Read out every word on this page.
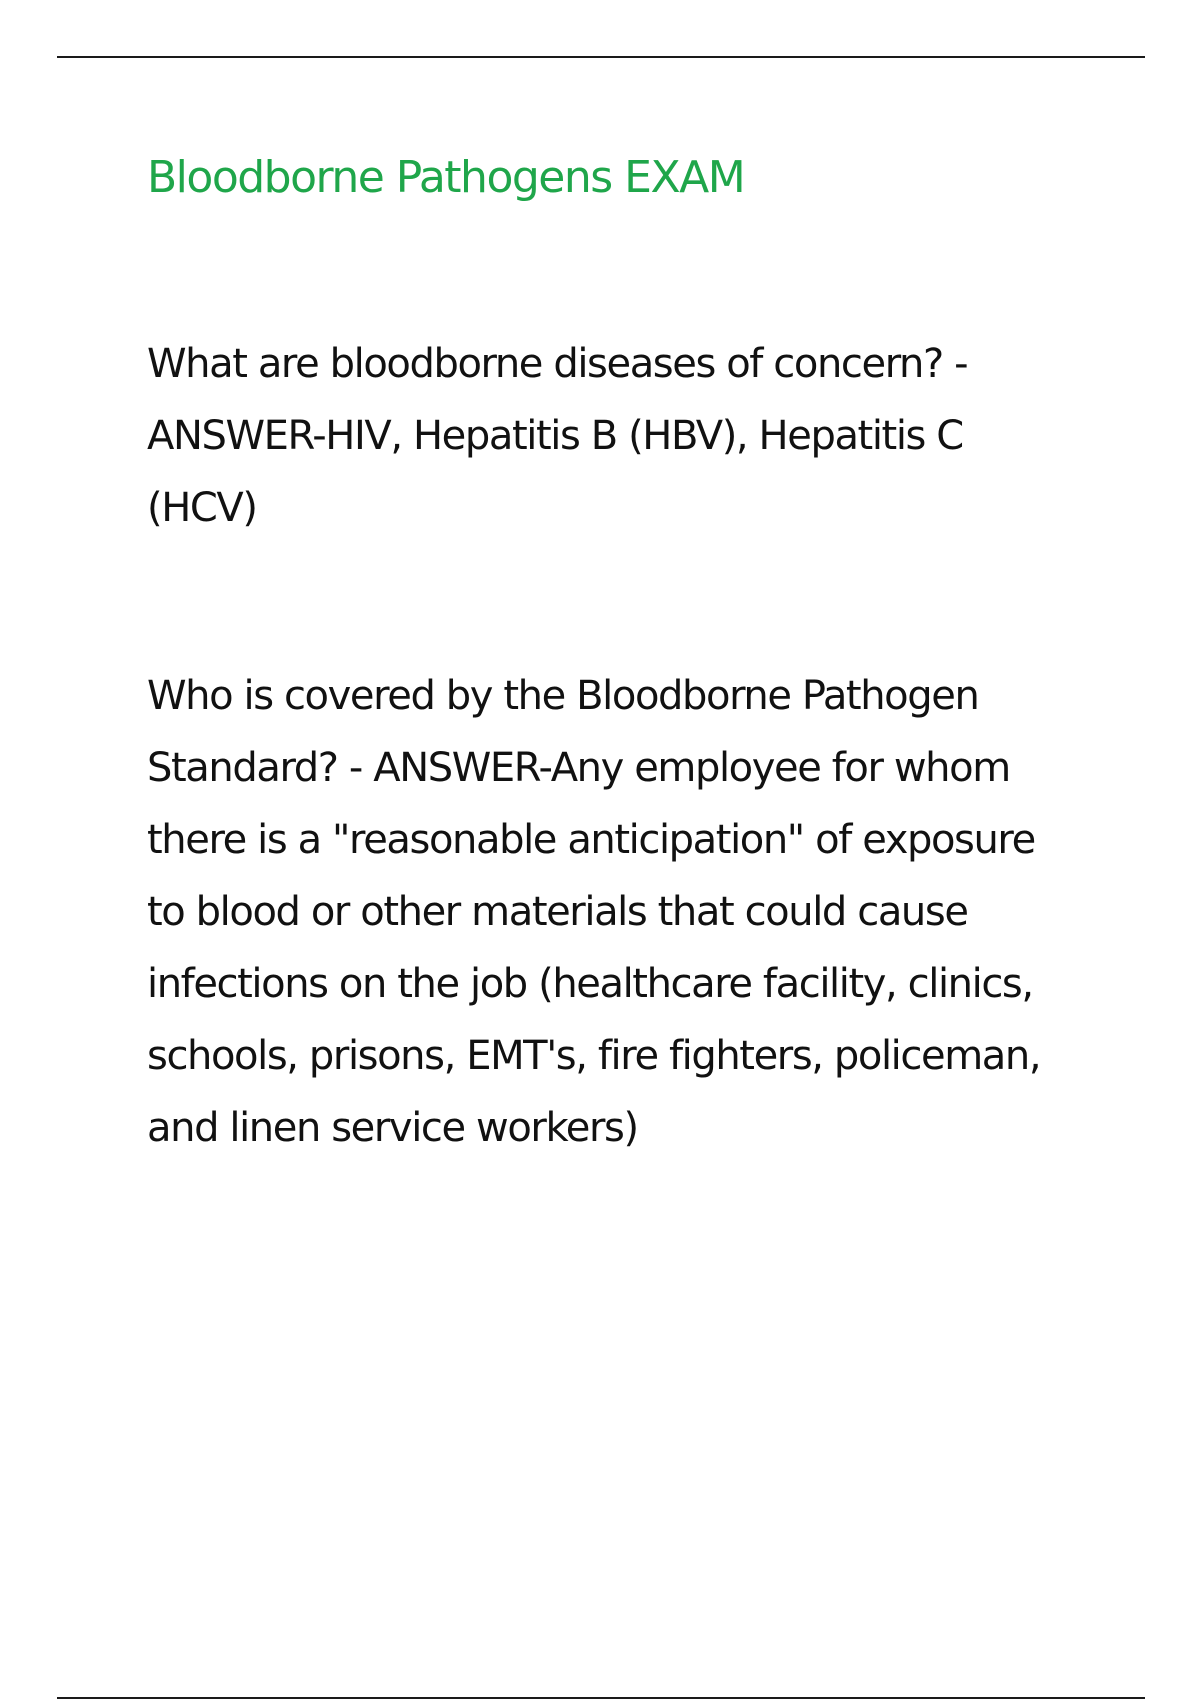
Bloodborne Pathogens EXAM

What are bloodborne diseases of concern? - ANSWER-HIV, Hepatitis B (HBV), Hepatitis C (HCV)

Who is covered by the Bloodborne Pathogen Standard? - ANSWER-Any employee for whom there is a "reasonable anticipation" of exposure to blood or other materials that could cause infections on the job (healthcare facility, clinics, schools, prisons, EMT's, fire fighters, policeman, and linen service workers)
